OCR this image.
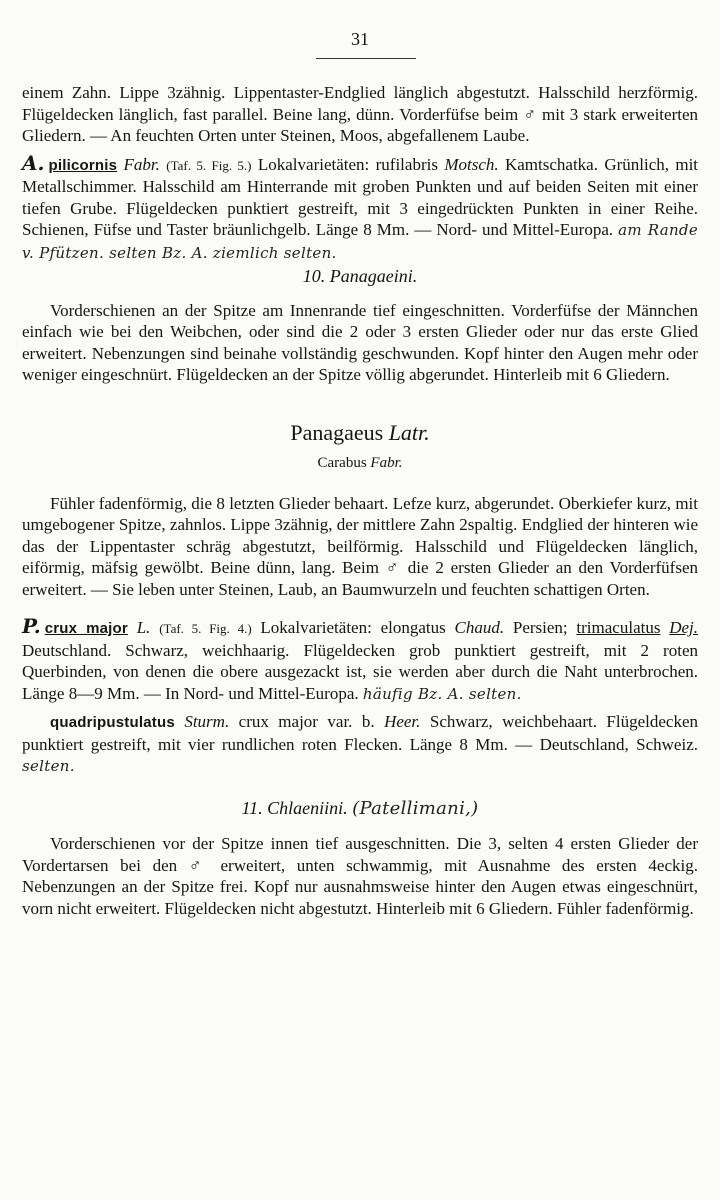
31

einem Zahn. Lippe 3zähnig. Lippentaster-Endglied länglich abgestutzt. Halsschild herzförmig. Flügeldecken länglich, fast parallel. Beine lang, dünn. Vorderfüfse beim ♂ mit 3 stark erweiterten Gliedern. — An feuchten Orten unter Steinen, Moos, abgefallenem Laube.

A. pilicornis Fabr. (Taf. 5. Fig. 5.) Lokalvarietäten: rufilabris Motsch. Kamtschatka. Grünlich, mit Metallschimmer. Halsschild am Hinterrande mit groben Punkten und auf beiden Seiten mit einer tiefen Grube. Flügeldecken punktiert gestreift, mit 3 eingedrückten Punkten in einer Reihe. Schienen, Füfse und Taster bräunlichgelb. Länge 8 Mm. — Nord- und Mittel-Europa. am Rande v. Pfützen. selten Bz. A. ziemlich selten.

10. Panagaeini.

Vorderschienen an der Spitze am Innenrande tief eingeschnitten. Vorderfüfse der Männchen einfach wie bei den Weibchen, oder sind die 2 oder 3 ersten Glieder oder nur das erste Glied erweitert. Nebenzungen sind beinahe vollständig geschwunden. Kopf hinter den Augen mehr oder weniger eingeschnürt. Flügeldecken an der Spitze völlig abgerundet. Hinterleib mit 6 Gliedern.

Panagaeus Latr.

Carabus Fabr.

Fühler fadenförmig, die 8 letzten Glieder behaart. Lefze kurz, abgerundet. Oberkiefer kurz, mit umgebogener Spitze, zahnlos. Lippe 3zähnig, der mittlere Zahn 2spaltig. Endglied der hinteren wie das der Lippentaster schräg abgestutzt, beilförmig. Halsschild und Flügeldecken länglich, eiförmig, mäfsig gewölbt. Beine dünn, lang. Beim ♂ die 2 ersten Glieder an den Vorderfüfsen erweitert. — Sie leben unter Steinen, Laub, an Baumwurzeln und feuchten schattigen Orten.

P. crux major L. (Taf. 5. Fig. 4.) Lokalvarietäten: elongatus Chaud. Persien; trimaculatus Dej. Deutschland. Schwarz, weichhaarig. Flügeldecken grob punktiert gestreift, mit 2 roten Querbinden, von denen die obere ausgezackt ist, sie werden aber durch die Naht unterbrochen. Länge 8—9 Mm. — In Nord- und Mittel-Europa. häufig Bz. A. selten.

quadripustulatus Sturm. crux major var. b. Heer. Schwarz, weichbehaart. Flügeldecken punktiert gestreift, mit vier rundlichen roten Flecken. Länge 8 Mm. — Deutschland, Schweiz. selten.

11. Chlaeniini. (Patellimani,)

Vorderschienen vor der Spitze innen tief ausgeschnitten. Die 3, selten 4 ersten Glieder der Vordertarsen bei den ♂ erweitert, unten schwammig, mit Ausnahme des ersten 4eckig. Nebenzungen an der Spitze frei. Kopf nur ausnahmsweise hinter den Augen etwas eingeschnürt, vorn nicht erweitert. Flügeldecken nicht abgestutzt. Hinterleib mit 6 Gliedern. Fühler fadenförmig.
